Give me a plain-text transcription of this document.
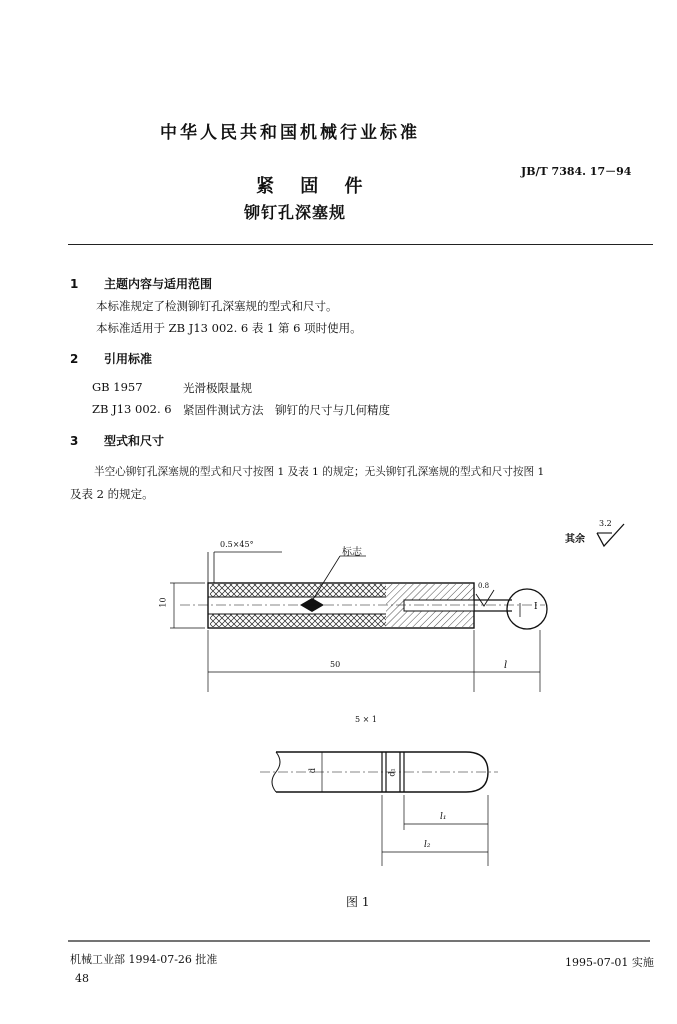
中华人民共和国机械行业标准
JB/T 7384. 17－94
紧 固 件
铆钉孔深塞规
1 主题内容与适用范围
本标准规定了检测铆钉孔深塞规的型式和尺寸。
本标准适用于 ZB J13 002. 6 表 1 第 6 项时使用。
2 引用标准
GB 1957	光滑极限量规
ZB J13 002. 6 紧固件测试方法　铆钉的尺寸与几何精度
3 型式和尺寸
半空心铆钉孔深塞规的型式和尺寸按图 1 及表 1 的规定；无头铆钉孔深塞规的型式和尺寸按图 1
及表 2 的规定。
其余
3.2
0.5×45°
标志
10
50	l
0.8
I
5 × 1
d	d₁
l₁
l₂
图 1
机械工业部 1994-07-26 批准	1995-07-01 实施
48
